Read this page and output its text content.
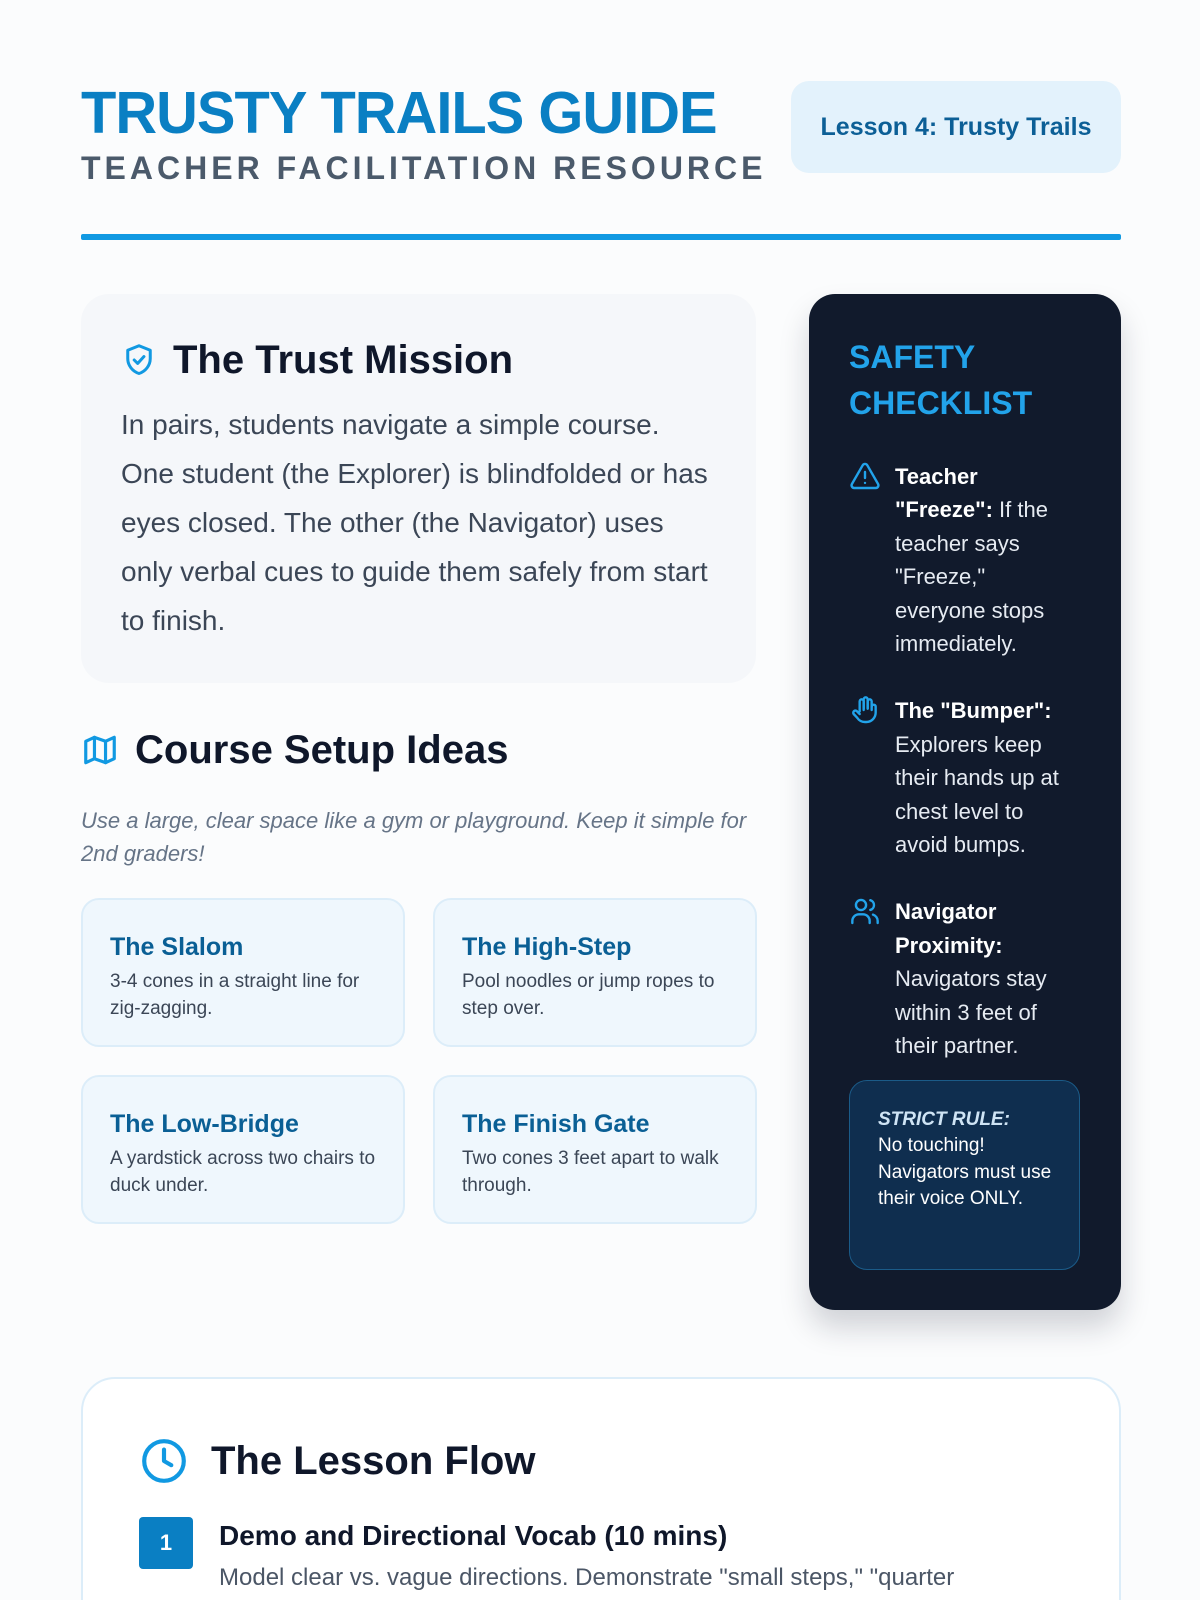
TRUSTY TRAILS GUIDE
TEACHER FACILITATION RESOURCE
Lesson 4: Trusty Trails
The Trust Mission

In pairs, students navigate a simple course. One student (the Explorer) is blindfolded or has eyes closed. The other (the Navigator) uses only verbal cues to guide them safely from start to finish.

Course Setup Ideas

Use a large, clear space like a gym or playground. Keep it simple for 2nd graders!

The Slalom
3-4 cones in a straight line for zig-zagging.
The High-Step
Pool noodles or jump ropes to step over.
The Low-Bridge
A yardstick across two chairs to duck under.
The Finish Gate
Two cones 3 feet apart to walk through.
SAFETY CHECKLIST
Teacher "Freeze": If the teacher says "Freeze," everyone stops immediately.
The "Bumper": Explorers keep their hands up at chest level to avoid bumps.
Navigator Proximity: Navigators stay within 3 feet of their partner.
STRICT RULE:
No touching! Navigators must use their voice ONLY.
The Lesson Flow
1	Demo and Directional Vocab (10 mins)
Model clear vs. vague directions. Demonstrate "small steps," "quarter
